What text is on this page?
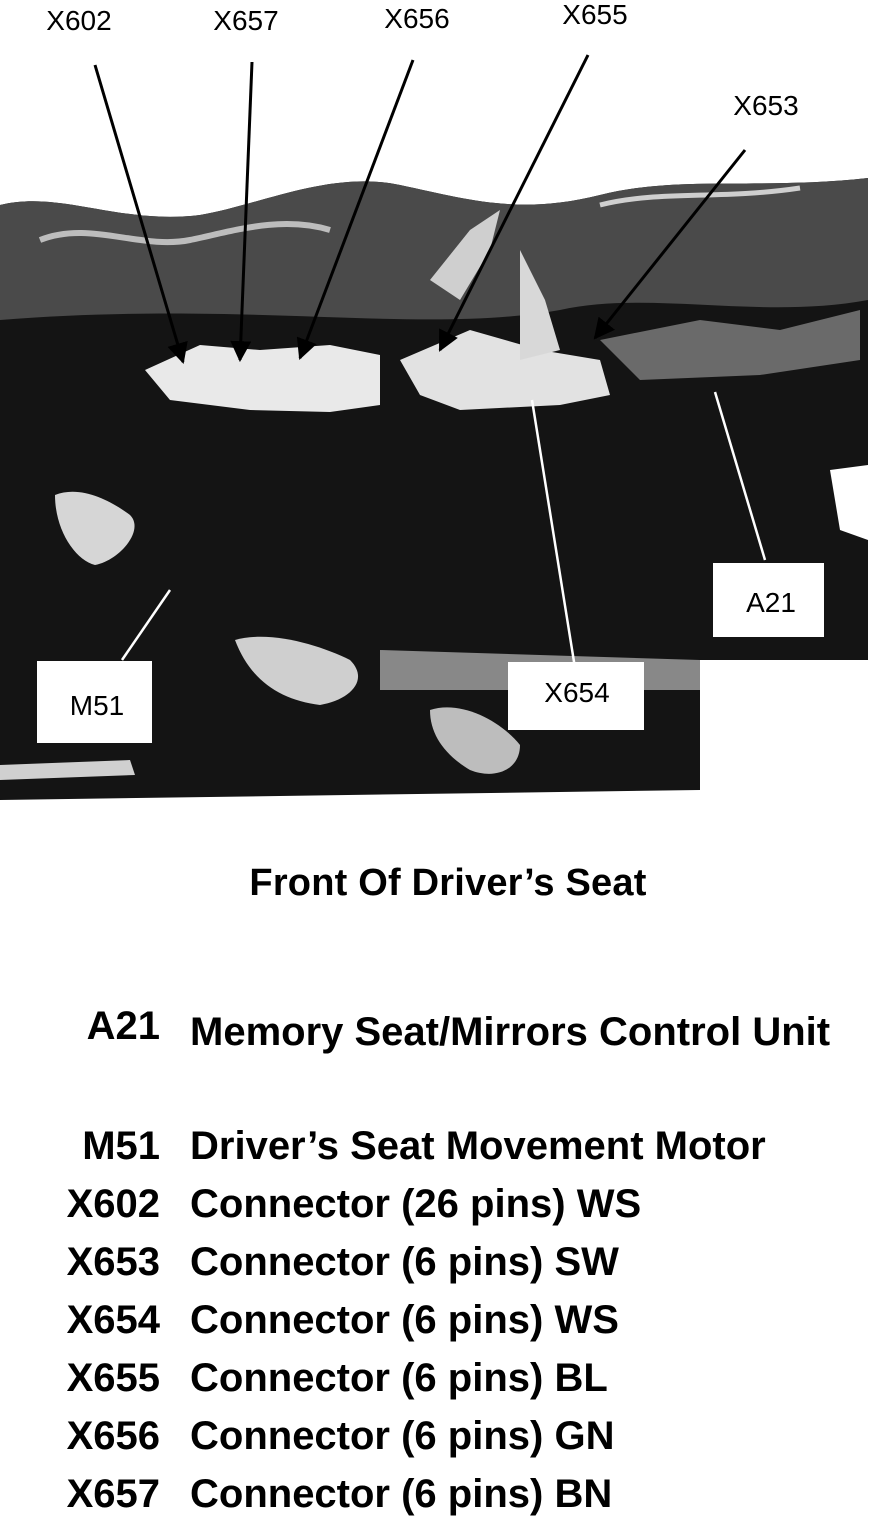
X602	X657	X656	X655
X653
M51	X654
A21
Front Of Driver’s Seat
A21 Memory Seat/Mirrors Control Unit
M51 Driver’s Seat Movement Motor
X602 Connector (26 pins) WS
X653 Connector (6 pins) SW
X654 Connector (6 pins) WS
X655 Connector (6 pins) BL
X656 Connector (6 pins) GN
X657 Connector (6 pins) BN
